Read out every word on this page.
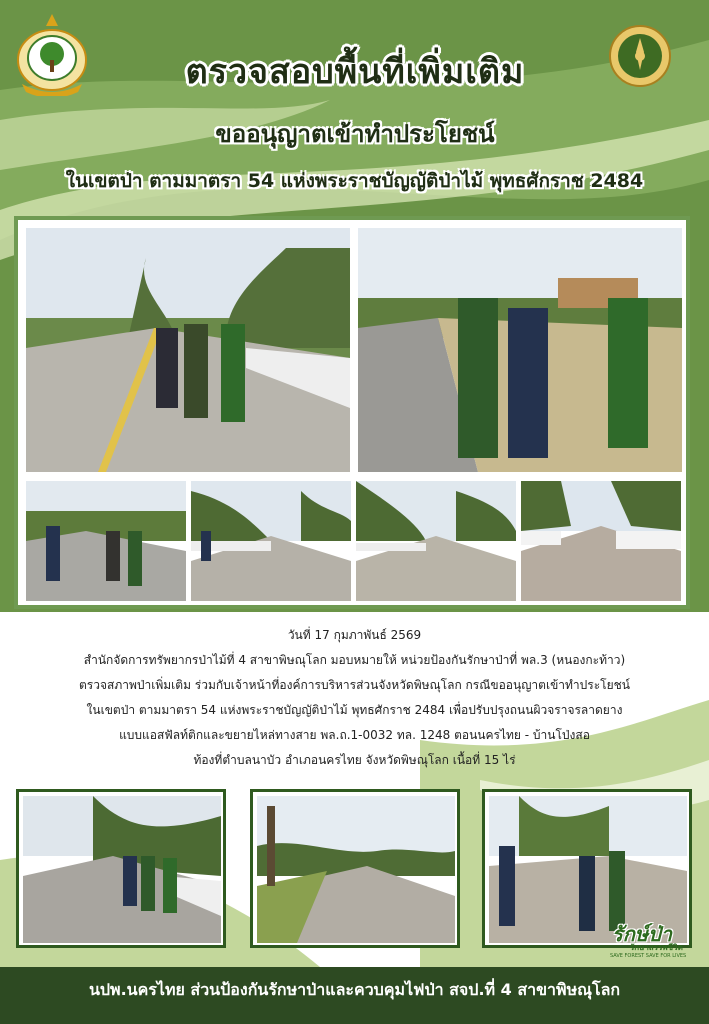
ตรวจสอบพื้นที่เพิ่มเติม
ขออนุญาตเข้าทำประโยชน์
ในเขตป่า ตามมาตรา 54 แห่งพระราชบัญญัติป่าไม้ พุทธศักราช 2484
วันที่ 17 กุมภาพันธ์ 2569
สำนักจัดการทรัพยากรป่าไม้ที่ 4 สาขาพิษณุโลก มอบหมายให้ หน่วยป้องกันรักษาป่าที่ พล.3 (หนองกะท้าว)
ตรวจสภาพป่าเพิ่มเติม ร่วมกับเจ้าหน้าที่องค์การบริหารส่วนจังหวัดพิษณุโลก กรณีขออนุญาตเข้าทำประโยชน์
ในเขตป่า ตามมาตรา 54 แห่งพระราชบัญญัติป่าไม้ พุทธศักราช 2484 เพื่อปรับปรุงถนนผิวจราจรลาดยาง
แบบแอสฟัลท์ติกและขยายไหล่ทางสาย พล.ถ.1-0032 ทล. 1248 ตอนนครไทย - บ้านโป่งสอ
ท้องที่ตำบลนาบัว อำเภอนครไทย จังหวัดพิษณุโลก เนื้อที่ 15 ไร่
รักษ์ป่า
รักษาสรรพชีวิต
SAVE FOREST SAVE FOR LIVES
นปพ.นครไทย ส่วนป้องกันรักษาป่าและควบคุมไฟป่า สจป.ที่ 4 สาขาพิษณุโลก
